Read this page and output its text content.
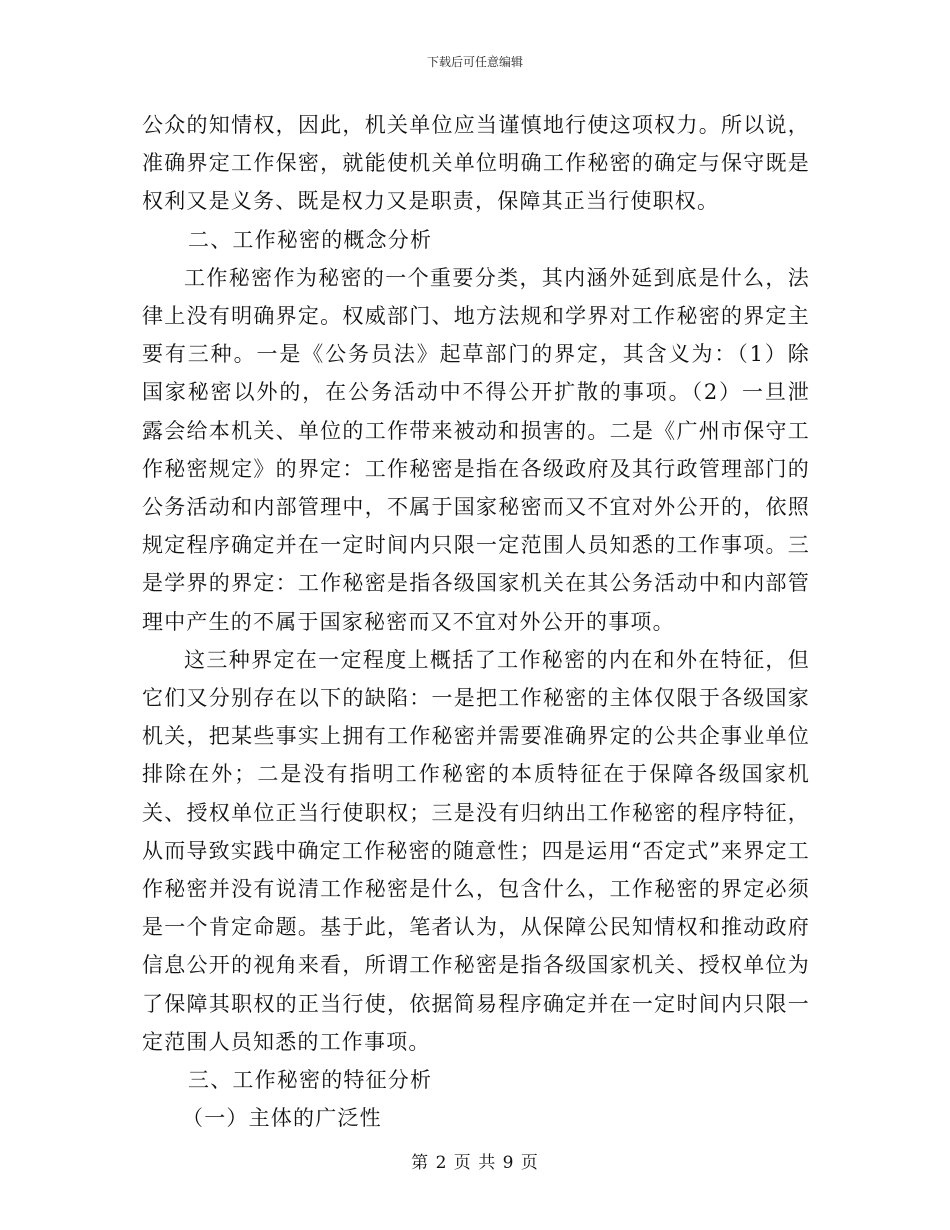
下载后可任意编辑

公众的知情权，因此，机关单位应当谨慎地行使这项权力。所以说，准确界定工作保密，就能使机关单位明确工作秘密的确定与保守既是权利又是义务、既是权力又是职责，保障其正当行使职权。

二、工作秘密的概念分析

工作秘密作为秘密的一个重要分类，其内涵外延到底是什么，法律上没有明确界定。权威部门、地方法规和学界对工作秘密的界定主要有三种。一是《公务员法》起草部门的界定，其含义为：（1）除国家秘密以外的，在公务活动中不得公开扩散的事项。（2）一旦泄露会给本机关、单位的工作带来被动和损害的。二是《广州市保守工作秘密规定》的界定：工作秘密是指在各级政府及其行政管理部门的公务活动和内部管理中，不属于国家秘密而又不宜对外公开的，依照规定程序确定并在一定时间内只限一定范围人员知悉的工作事项。三是学界的界定：工作秘密是指各级国家机关在其公务活动中和内部管理中产生的不属于国家秘密而又不宜对外公开的事项。

这三种界定在一定程度上概括了工作秘密的内在和外在特征，但它们又分别存在以下的缺陷：一是把工作秘密的主体仅限于各级国家机关，把某些事实上拥有工作秘密并需要准确界定的公共企事业单位排除在外；二是没有指明工作秘密的本质特征在于保障各级国家机关、授权单位正当行使职权；三是没有归纳出工作秘密的程序特征，从而导致实践中确定工作秘密的随意性；四是运用“否定式”来界定工作秘密并没有说清工作秘密是什么，包含什么，工作秘密的界定必须是一个肯定命题。基于此，笔者认为，从保障公民知情权和推动政府信息公开的视角来看，所谓工作秘密是指各级国家机关、授权单位为了保障其职权的正当行使，依据简易程序确定并在一定时间内只限一定范围人员知悉的工作事项。

三、工作秘密的特征分析

（一）主体的广泛性

第 2 页 共 9 页
